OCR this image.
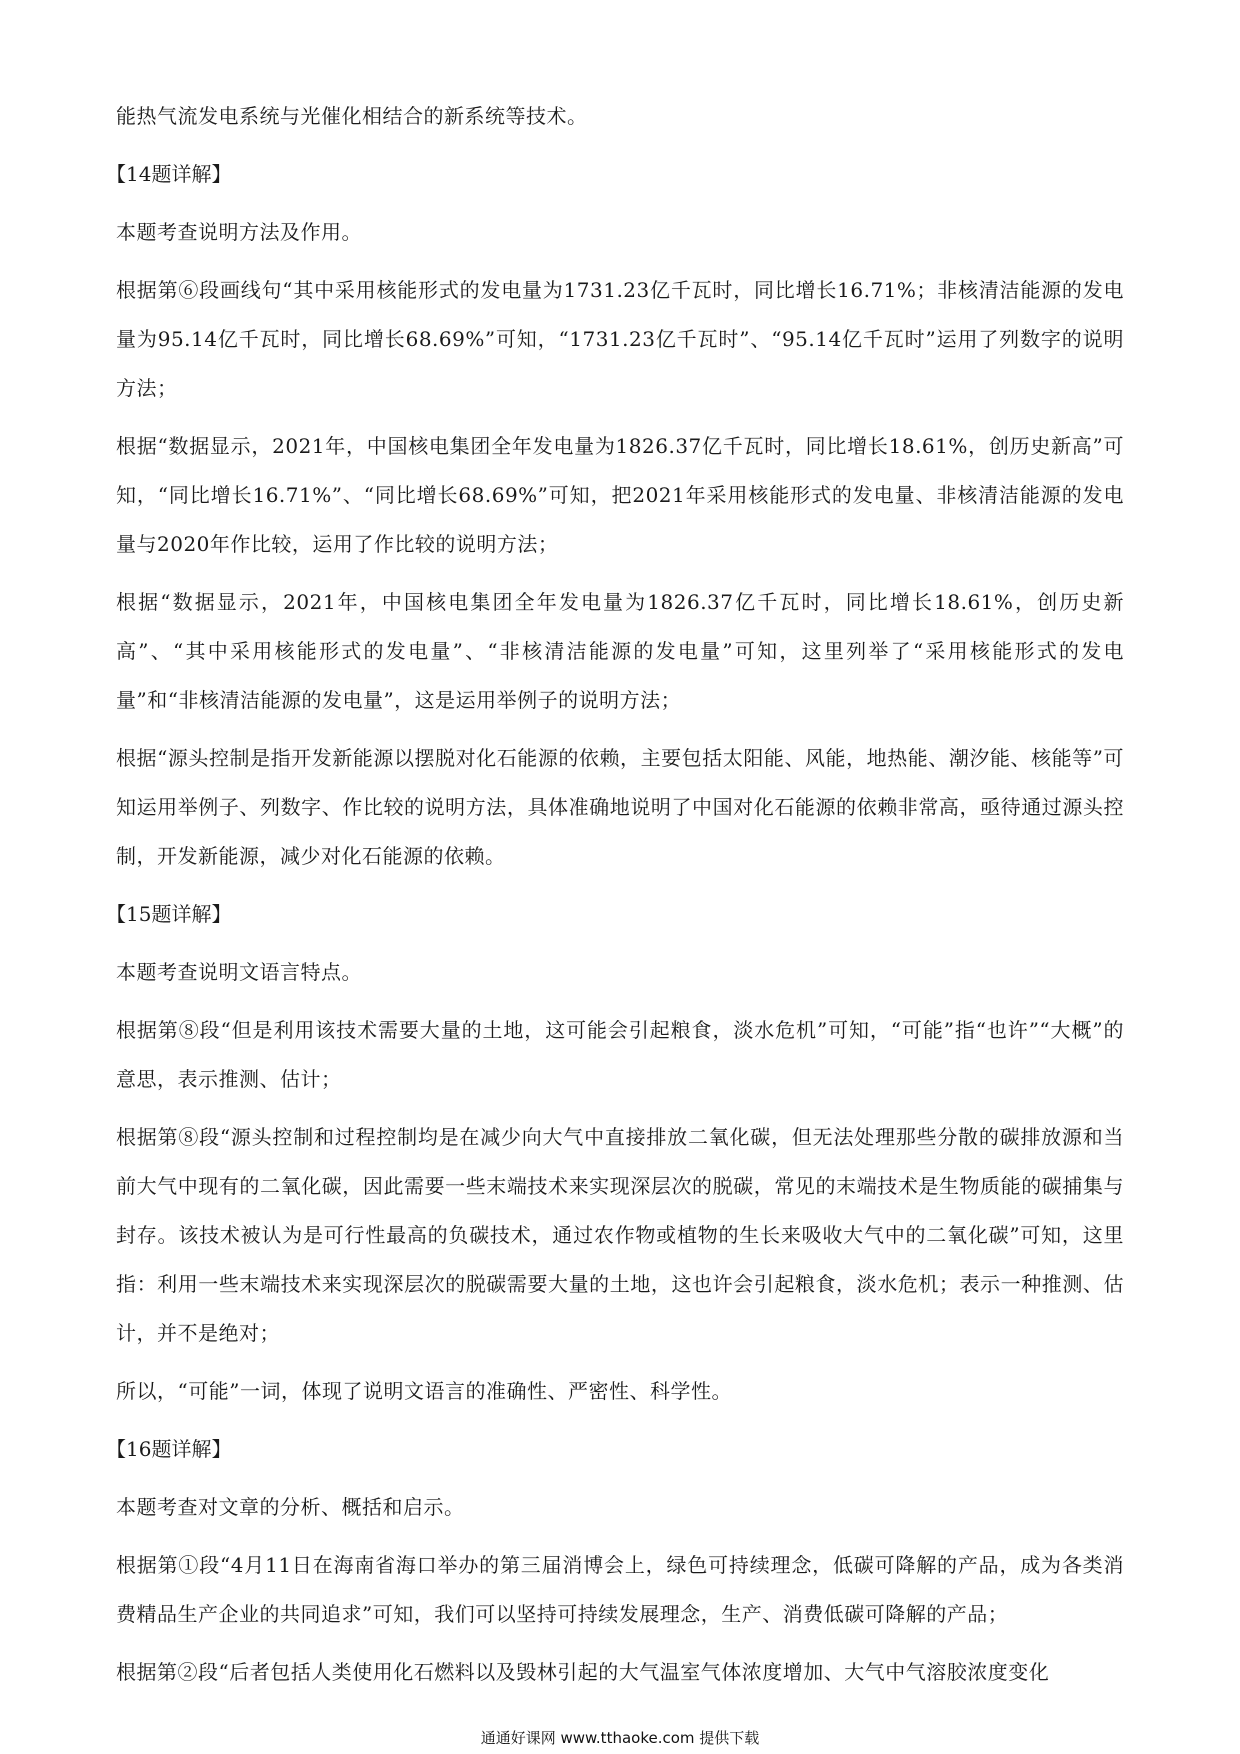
能热气流发电系统与光催化相结合的新系统等技术。

【14题详解】

本题考查说明方法及作用。

根据第⑥段画线句“其中采用核能形式的发电量为1731.23亿千瓦时，同比增长16.71%；非核清洁能源的发电量为95.14亿千瓦时，同比增长68.69%”可知，“1731.23亿千瓦时”、“95.14亿千瓦时”运用了列数字的说明方法；

根据“数据显示，2021年，中国核电集团全年发电量为1826.37亿千瓦时，同比增长18.61%，创历史新高”可知，“同比增长16.71%”、“同比增长68.69%”可知，把2021年采用核能形式的发电量、非核清洁能源的发电量与2020年作比较，运用了作比较的说明方法；

根据“数据显示，2021年，中国核电集团全年发电量为1826.37亿千瓦时，同比增长18.61%，创历史新高”、“其中采用核能形式的发电量”、“非核清洁能源的发电量”可知，这里列举了“采用核能形式的发电量”和“非核清洁能源的发电量”，这是运用举例子的说明方法；

根据“源头控制是指开发新能源以摆脱对化石能源的依赖，主要包括太阳能、风能，地热能、潮汐能、核能等”可知运用举例子、列数字、作比较的说明方法，具体准确地说明了中国对化石能源的依赖非常高，亟待通过源头控制，开发新能源，减少对化石能源的依赖。

【15题详解】

本题考查说明文语言特点。

根据第⑧段“但是利用该技术需要大量的土地，这可能会引起粮食，淡水危机”可知，“可能”指“也许”“大概”的意思，表示推测、估计；

根据第⑧段“源头控制和过程控制均是在减少向大气中直接排放二氧化碳，但无法处理那些分散的碳排放源和当前大气中现有的二氧化碳，因此需要一些末端技术来实现深层次的脱碳，常见的末端技术是生物质能的碳捕集与封存。该技术被认为是可行性最高的负碳技术，通过农作物或植物的生长来吸收大气中的二氧化碳”可知，这里指：利用一些末端技术来实现深层次的脱碳需要大量的土地，这也许会引起粮食，淡水危机；表示一种推测、估计，并不是绝对；

所以，“可能”一词，体现了说明文语言的准确性、严密性、科学性。

【16题详解】

本题考查对文章的分析、概括和启示。

根据第①段“4月11日在海南省海口举办的第三届消博会上，绿色可持续理念，低碳可降解的产品，成为各类消费精品生产企业的共同追求”可知，我们可以坚持可持续发展理念，生产、消费低碳可降解的产品；

根据第②段“后者包括人类使用化石燃料以及毁林引起的大气温室气体浓度增加、大气中气溶胶浓度变化

通通好课网 www.tthaoke.com 提供下载
